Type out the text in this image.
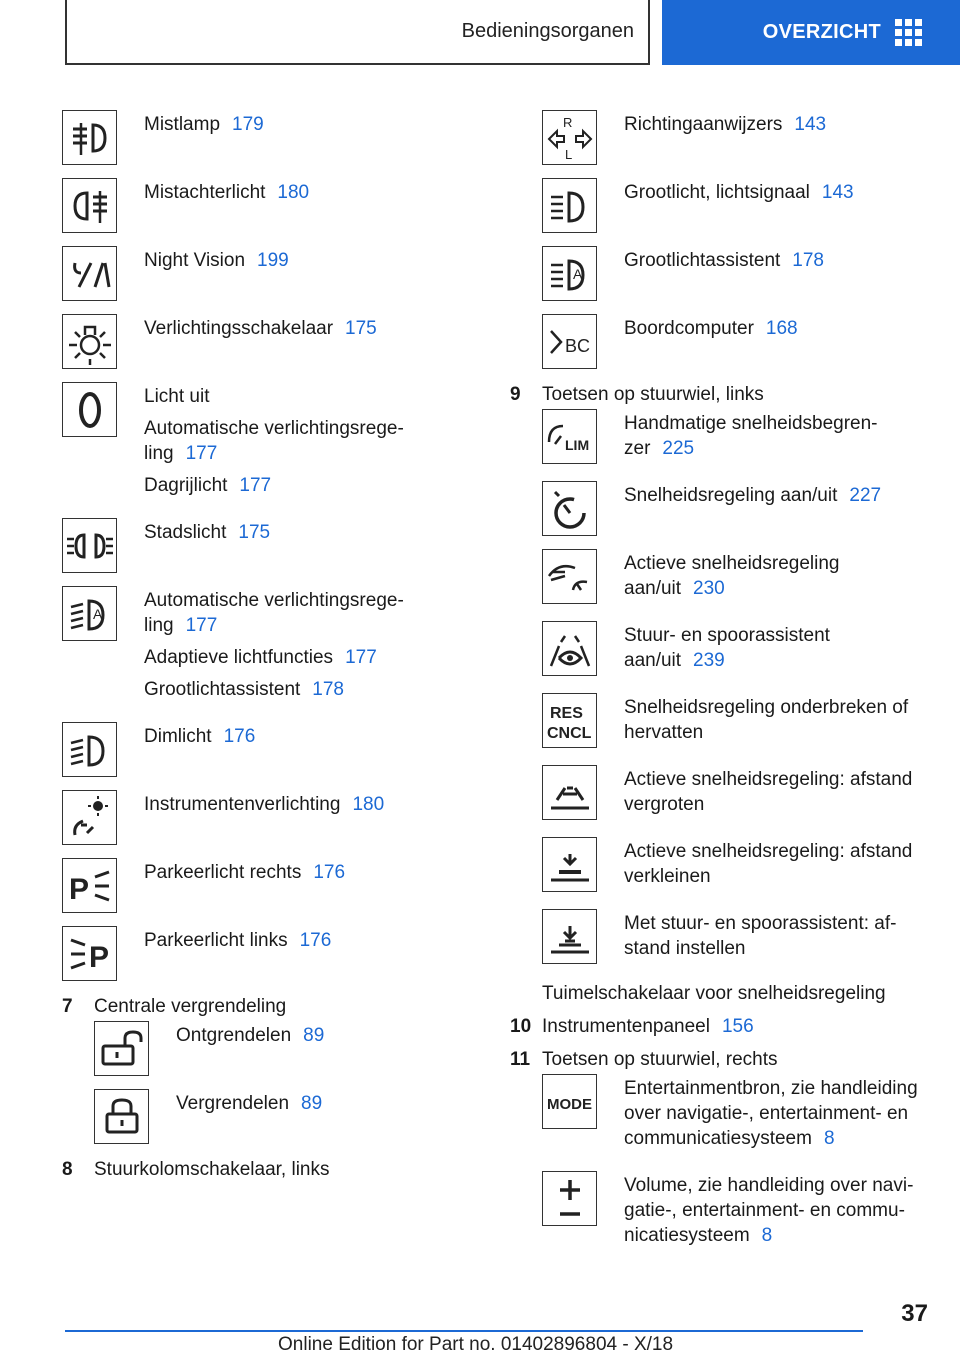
Bedieningsorganen	OVERZICHT

Mistlamp 179

Mistachterlicht 180

Night Vision 199

Verlichtingsschakelaar 175

Licht uit

Automatische verlichtingsrege-ling 177

Dagrijlicht 177

Stadslicht 175

A

Automatische verlichtingsrege-ling 177

Adaptieve lichtfuncties 177

Grootlichtassistent 178

Dimlicht 176

Instrumentenverlichting 180

P	Parkeerlicht rechts 176

P Parkeerlicht links 176

7	Centrale vergrendeling

Ontgrendelen 89

Vergrendelen 89

8	Stuurkolomschakelaar, links
R
L

Richtingaanwijzers 143

Grootlicht, lichtsignaal 143

A

Grootlichtassistent 178

BC

Boordcomputer 168

9	Toetsen op stuurwiel, links
LIM

Handmatige snelheidsbegren-zer 225

Snelheidsregeling aan/uit 227

Actieve snelheidsregeling aan/uit 230

Stuur- en spoorassistent aan/uit 239

RES
CNCL

Snelheidsregeling onderbreken of hervatten

Actieve snelheidsregeling: afstand vergroten

Actieve snelheidsregeling: afstand verkleinen

Met stuur- en spoorassistent: af-stand instellen

Tuimelschakelaar voor snelheidsregeling
10 Instrumentenpaneel 156
11 Toetsen op stuurwiel, rechts
MODE

Entertainmentbron, zie handleiding over navigatie-, entertainment- en communicatiesysteem 8

Volume, zie handleiding over navi-gatie-, entertainment- en commu-nicatiesysteem 8

37
Online Edition for Part no. 01402896804 - X/18
